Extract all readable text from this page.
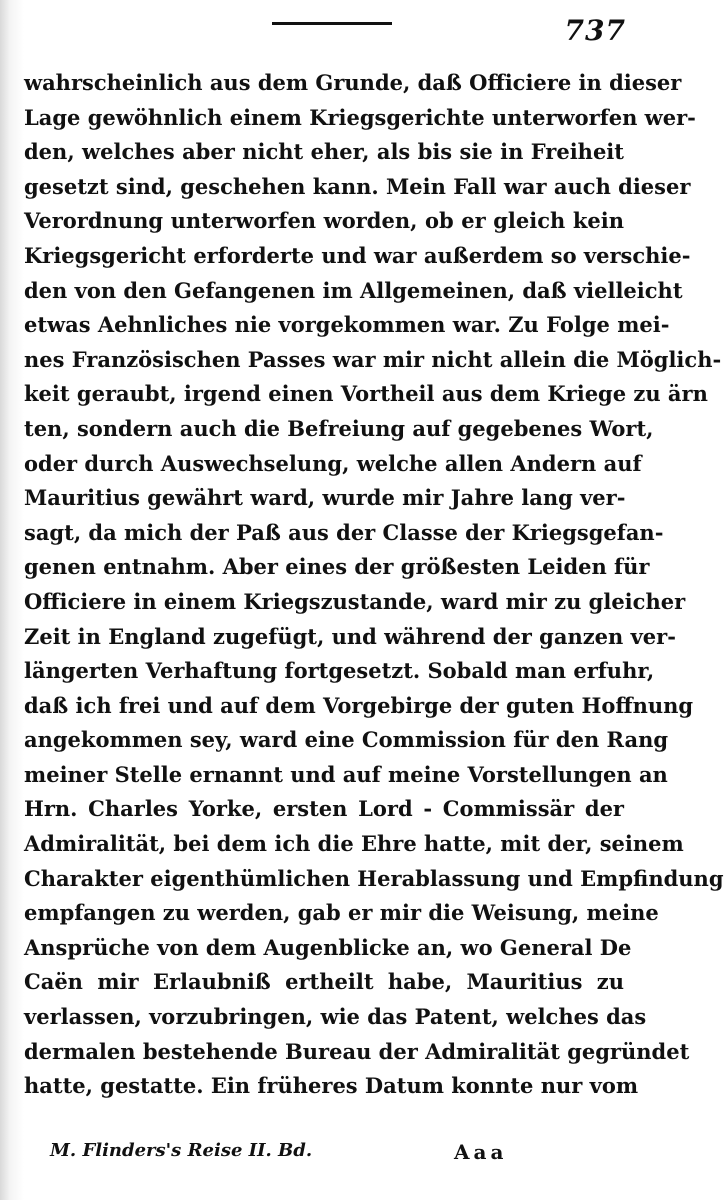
737
wahrscheinlich aus dem Grunde, daß Officiere in dieser
Lage gewöhnlich einem Kriegsgerichte unterworfen wer-
den, welches aber nicht eher, als bis sie in Freiheit
gesetzt sind, geschehen kann. Mein Fall war auch dieser
Verordnung unterworfen worden, ob er gleich kein
Kriegsgericht erforderte und war außerdem so verschie-
den von den Gefangenen im Allgemeinen, daß vielleicht
etwas Aehnliches nie vorgekommen war. Zu Folge mei-
nes Französischen Passes war mir nicht allein die Möglich-
keit geraubt, irgend einen Vortheil aus dem Kriege zu ärn
ten, sondern auch die Befreiung auf gegebenes Wort,
oder durch Auswechselung, welche allen Andern auf
Mauritius gewährt ward, wurde mir Jahre lang ver-
sagt, da mich der Paß aus der Classe der Kriegsgefan-
genen entnahm. Aber eines der größesten Leiden für
Officiere in einem Kriegszustande, ward mir zu gleicher
Zeit in England zugefügt, und während der ganzen ver-
längerten Verhaftung fortgesetzt. Sobald man erfuhr,
daß ich frei und auf dem Vorgebirge der guten Hoffnung
angekommen sey, ward eine Commission für den Rang
meiner Stelle ernannt und auf meine Vorstellungen an
Hrn. Charles Yorke, ersten Lord - Commissär der
Admiralität, bei dem ich die Ehre hatte, mit der, seinem
Charakter eigenthümlichen Herablassung und Empfindung
empfangen zu werden, gab er mir die Weisung, meine
Ansprüche von dem Augenblicke an, wo General De
Caën mir Erlaubniß ertheilt habe, Mauritius zu
verlassen, vorzubringen, wie das Patent, welches das
dermalen bestehende Bureau der Admiralität gegründet
hatte, gestatte. Ein früheres Datum konnte nur vom
M. Flinders's Reise II. Bd.	Aaa
